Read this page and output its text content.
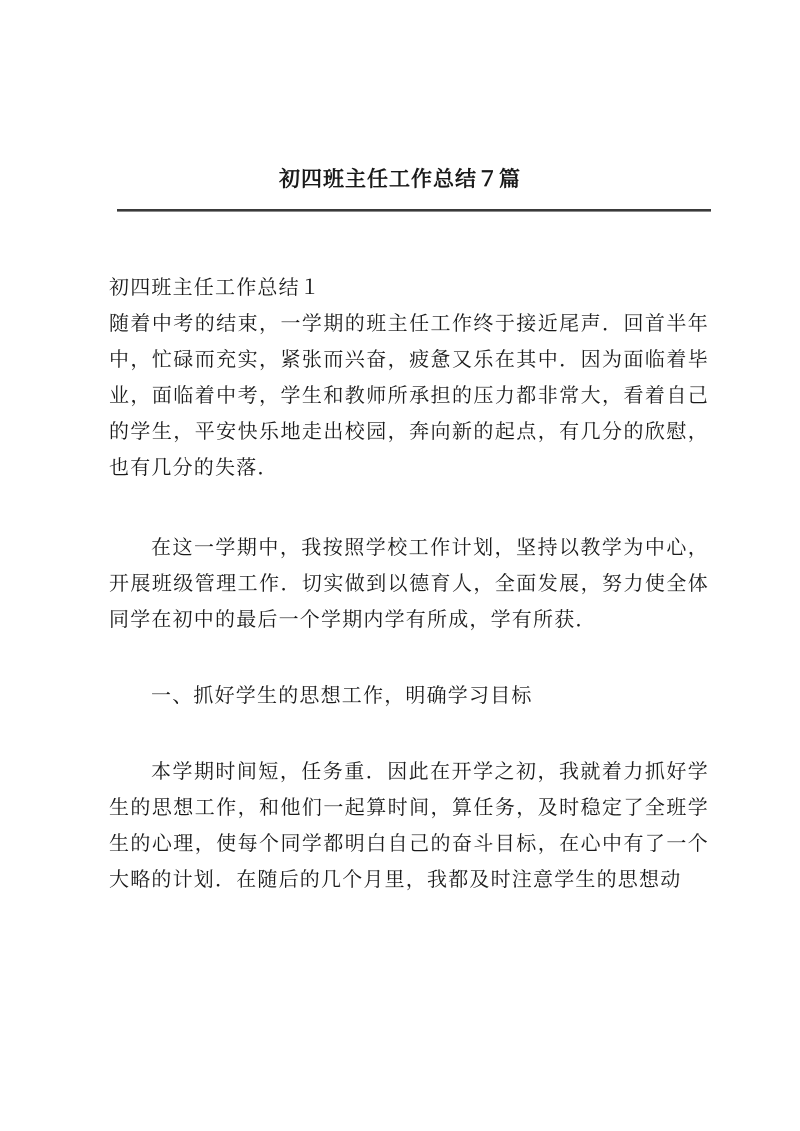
初四班主任工作总结７篇

初四班主任工作总结１

随着中考的结束，一学期的班主任工作终于接近尾声．回首半年中，忙碌而充实，紧张而兴奋，疲惫又乐在其中．因为面临着毕业，面临着中考，学生和教师所承担的压力都非常大，看着自己的学生，平安快乐地走出校园，奔向新的起点，有几分的欣慰，也有几分的失落．

在这一学期中，我按照学校工作计划，坚持以教学为中心，开展班级管理工作．切实做到以德育人，全面发展，努力使全体同学在初中的最后一个学期内学有所成，学有所获．

一、抓好学生的思想工作，明确学习目标

本学期时间短，任务重．因此在开学之初，我就着力抓好学生的思想工作，和他们一起算时间，算任务，及时稳定了全班学生的心理，使每个同学都明白自己的奋斗目标，在心中有了一个大略的计划．在随后的几个月里，我都及时注意学生的思想动
